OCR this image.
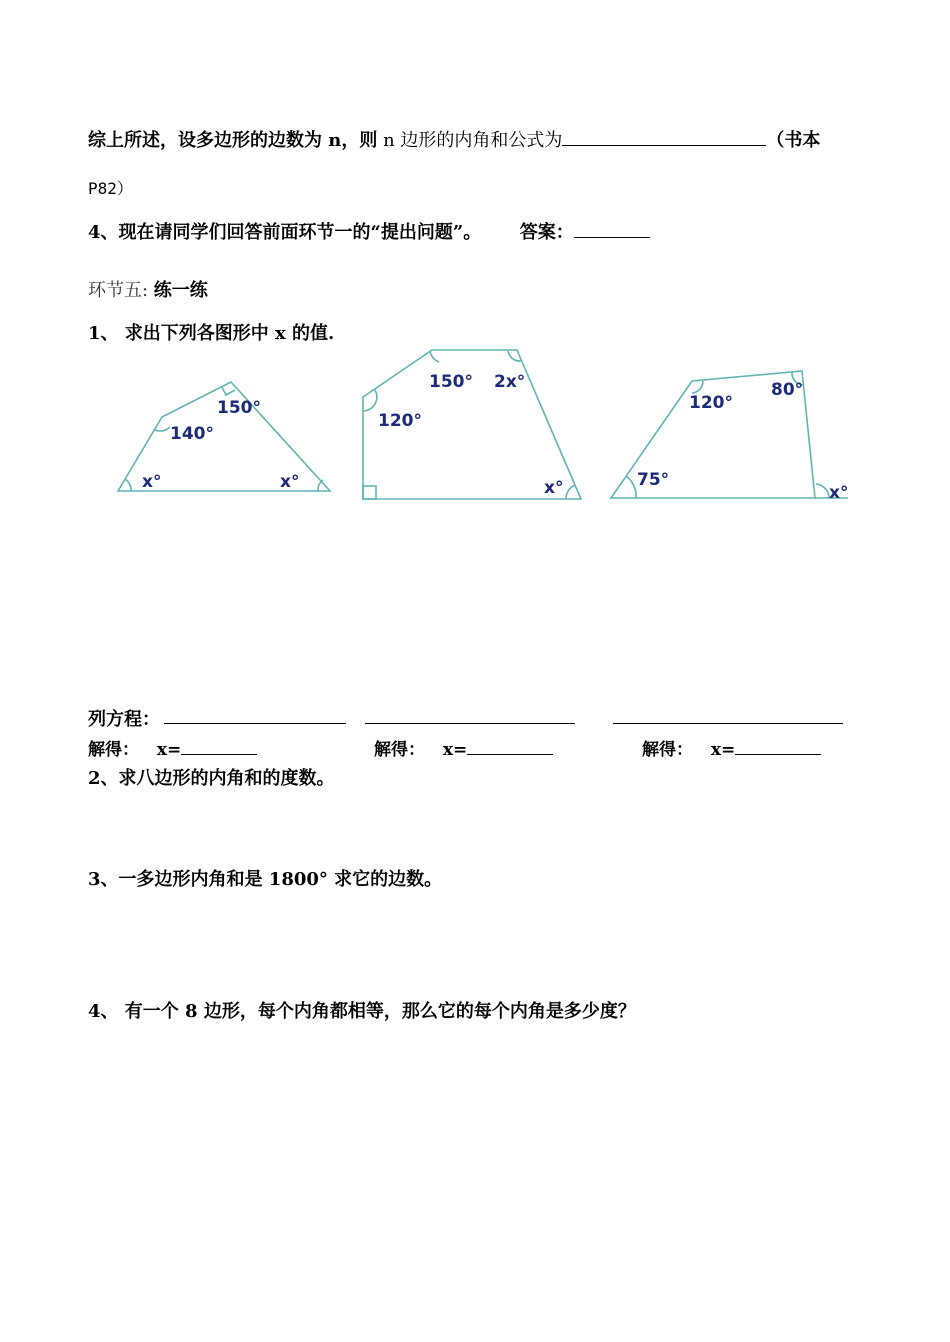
综上所述，设多边形的边数为 n，则 n 边形的内角和公式为	（书本
P82）
4、现在请同学们回答前面环节一的“提出问题”。 答案：
环节五: 练一练
1、 求出下列各图形中 x 的值.
150°
140°
x°	x°
150° 2x°
120°
x°
120°
80°
75°
x°
列方程：
解得： x=	解得： x=	解得： x=
2、求八边形的内角和的度数。
3、一多边形内角和是 1800° 求它的边数。
4、 有一个 8 边形，每个内角都相等，那么它的每个内角是多少度？
